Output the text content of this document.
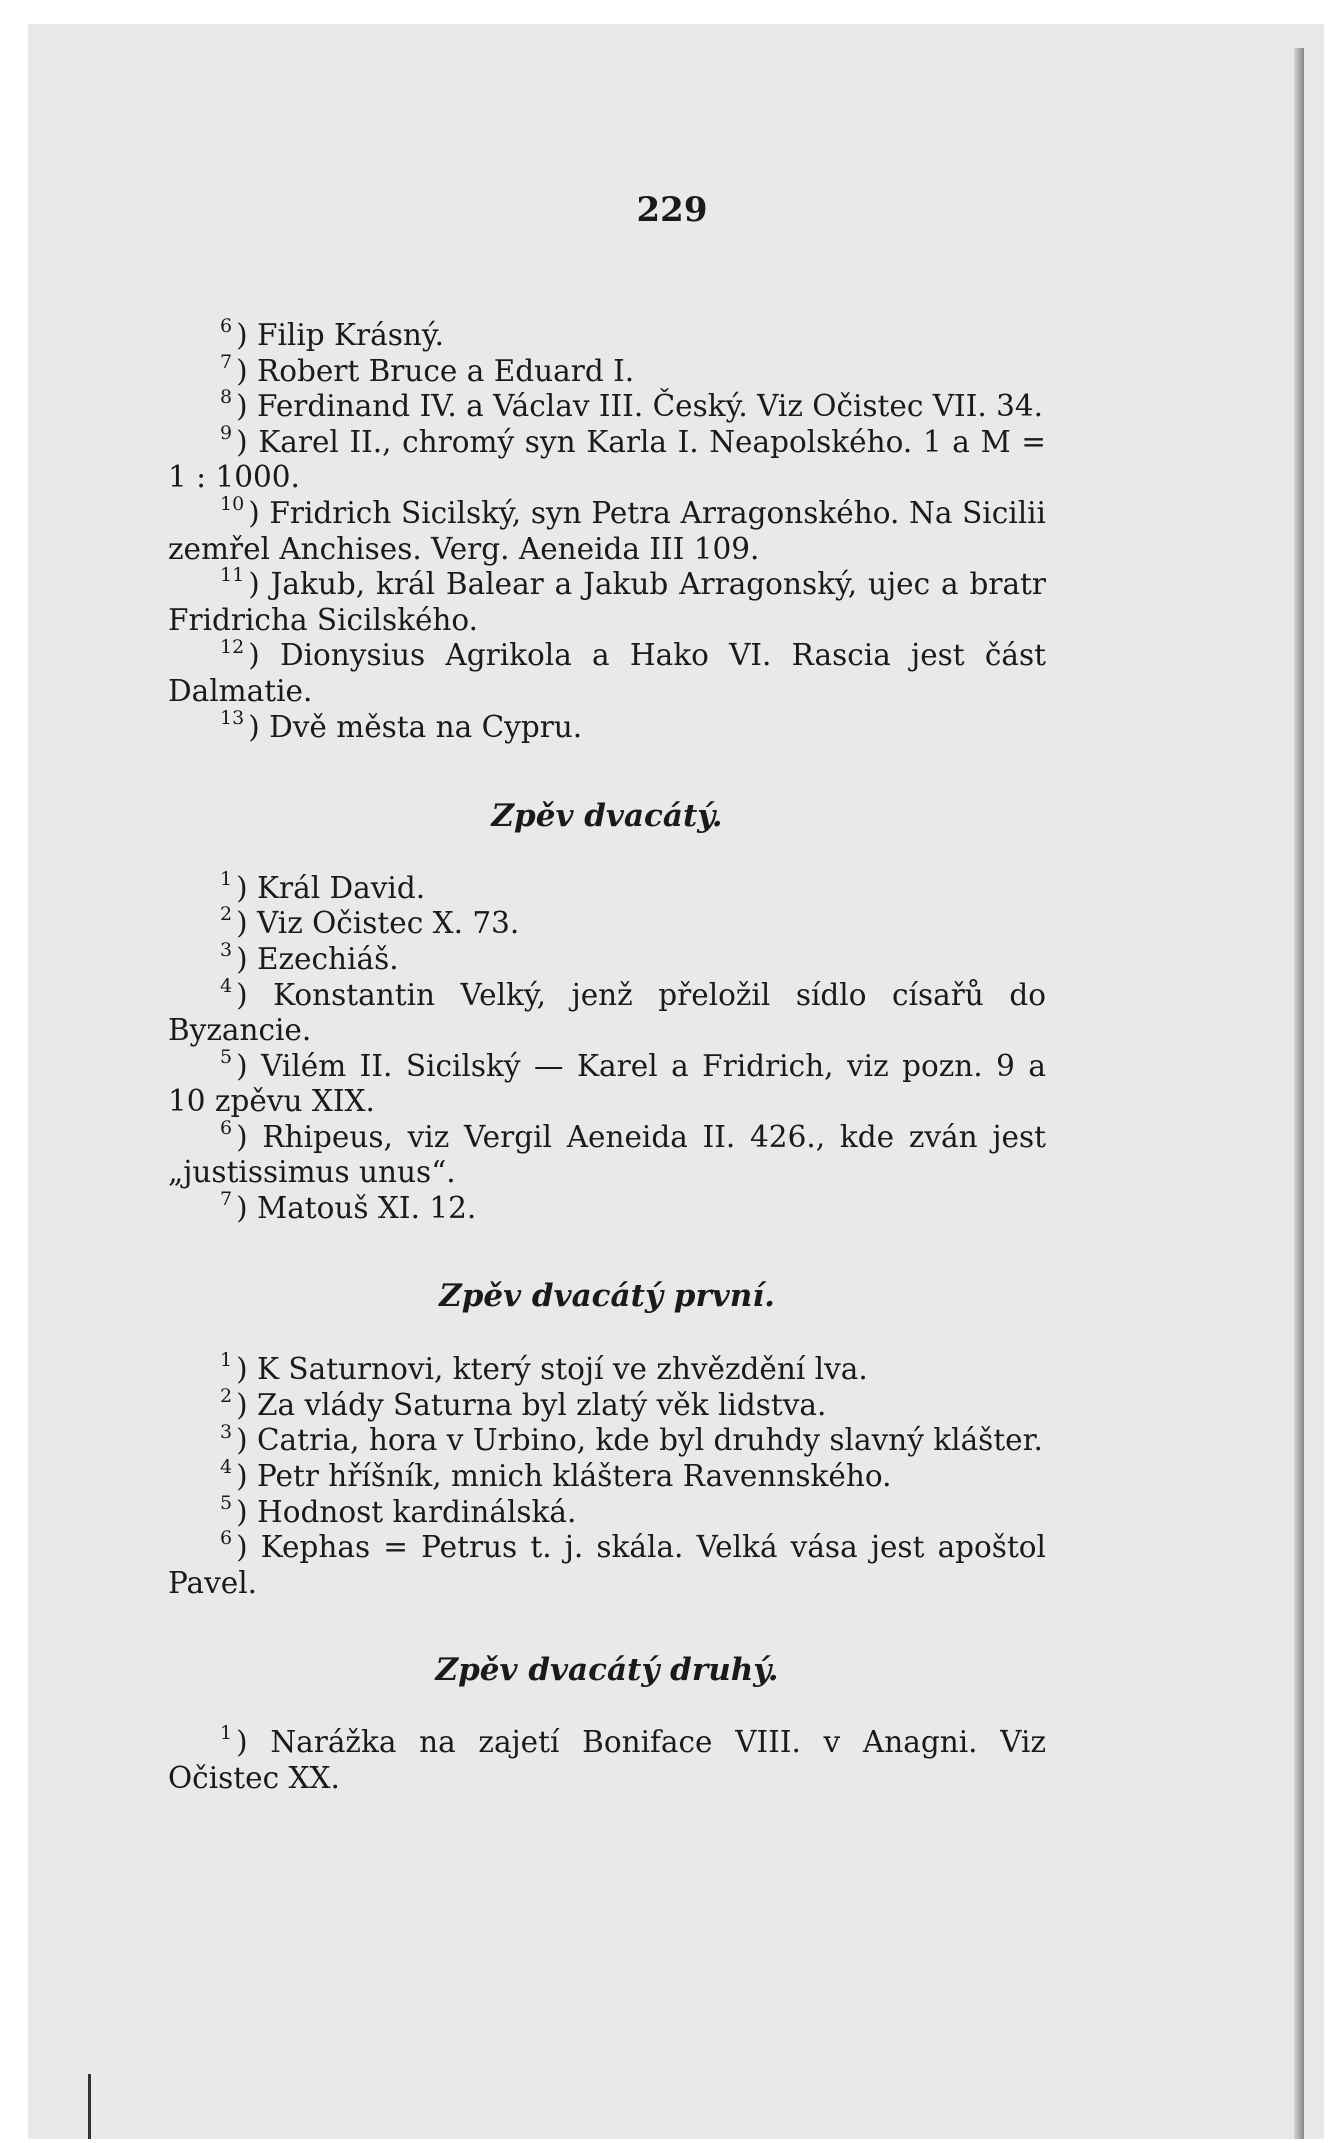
229

$^6$ ) Filip Krásný.

$^7$ ) Robert Bruce a Eduard I.

$^8$ ) Ferdinand IV. a Václav III. Český. Viz Očistec VII. 34.

$^9$ ) Karel II., chromý syn Karla I. Neapolského. 1 a M = 1 : 1000.

$^{10}$ ) Fridrich Sicilský, syn Petra Arragonského. Na Sicilii zemřel Anchises. Verg. Aeneida III 109.

$^{11}$ ) Jakub, král Balear a Jakub Arragonský, ujec a bratr Fridricha Sicilského.

$^{12}$ ) Dionysius Agrikola a Hako VI. Rascia jest část Dalmatie.

$^{13}$ ) Dvě města na Cypru.

Zpěv dvacátý.

$^1$ ) Král David.

$^2$ ) Viz Očistec X. 73.

$^3$ ) Ezechiáš.

$^4$ ) Konstantin Velký, jenž přeložil sídlo císařů do Byzancie.

$^5$ ) Vilém II. Sicilský — Karel a Fridrich, viz pozn. 9 a 10 zpěvu XIX.

$^6$ ) Rhipeus, viz Vergil Aeneida II. 426., kde zván jest „justissimus unus“.

$^7$ ) Matouš XI. 12.

Zpěv dvacátý první.

$^1$ ) K Saturnovi, který stojí ve zhvězdění lva.

$^2$ ) Za vlády Saturna byl zlatý věk lidstva.

$^3$ ) Catria, hora v Urbino, kde byl druhdy slavný klášter.

$^4$ ) Petr hříšník, mnich kláštera Ravennského.

$^5$ ) Hodnost kardinálská.

$^6$ ) Kephas = Petrus t. j. skála. Velká vása jest apoštol Pavel.

Zpěv dvacátý druhý.

$^1$ ) Narážka na zajetí Boniface VIII. v Anagni. Viz Očistec XX.
